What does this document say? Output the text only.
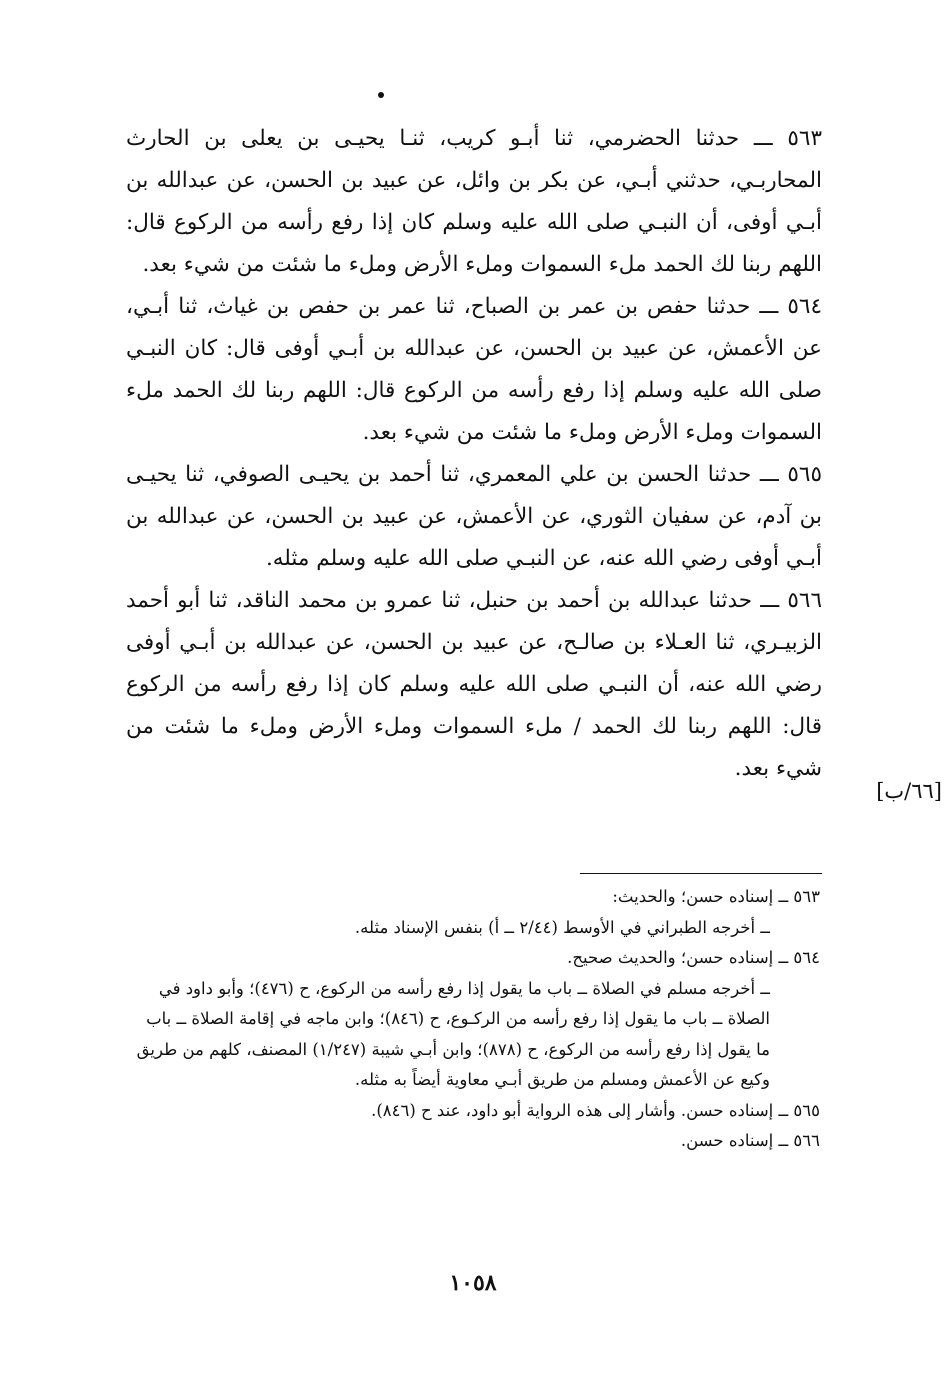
٥٦٣ ـــ حدثنا الحضرمي، ثنا أبـو كريب، ثنـا يحيـى بن يعلى بن الحارث المحاربـي، حدثني أبـي، عن بكر بن وائل، عن عبيد بن الحسن، عن عبدالله بن أبـي أوفى، أن النبـي صلى الله عليه وسلم كان إذا رفع رأسه من الركوع قال: اللهم ربنا لك الحمد ملء السموات وملء الأرض وملء ما شئت من شيء بعد.

٥٦٤ ـــ حدثنا حفص بن عمر بن الصباح، ثنا عمر بن حفص بن غياث، ثنا أبـي، عن الأعمش، عن عبيد بن الحسن، عن عبدالله بن أبـي أوفى قال: كان النبـي صلى الله عليه وسلم إذا رفع رأسه من الركوع قال: اللهم ربنا لك الحمد ملء السموات وملء الأرض وملء ما شئت من شيء بعد.

٥٦٥ ـــ حدثنا الحسن بن علي المعمري، ثنا أحمد بن يحيـى الصوفي، ثنا يحيـى بن آدم، عن سفيان الثوري، عن الأعمش، عن عبيد بن الحسن، عن عبدالله بن أبـي أوفى رضي الله عنه، عن النبـي صلى الله عليه وسلم مثله.

٥٦٦ ـــ حدثنا عبدالله بن أحمد بن حنبل، ثنا عمرو بن محمد الناقد، ثنا أبو أحمد الزبيـري، ثنا العـلاء بن صالـح، عن عبيد بن الحسن، عن عبدالله بن أبـي أوفى رضي الله عنه، أن النبـي صلى الله عليه وسلم كان إذا رفع رأسه من الركوع قال: اللهم ربنا لك الحمد / ملء السموات وملء الأرض وملء ما شئت من شيء بعد.

[٦٦/ب]

٥٦٣ ــ إسناده حسن؛ والحديث:

ــ أخرجه الطبراني في الأوسط (٢/٤٤ ــ أ) بنفس الإسناد مثله.

٥٦٤ ــ إسناده حسن؛ والحديث صحيح.

ــ أخرجه مسلم في الصلاة ــ باب ما يقول إذا رفع رأسه من الركوع، ح (٤٧٦)؛ وأبو داود في الصلاة ــ باب ما يقول إذا رفع رأسه من الركـوع، ح (٨٤٦)؛ وابن ماجه في إقامة الصلاة ــ باب ما يقول إذا رفع رأسه من الركوع، ح (٨٧٨)؛ وابن أبـي شيبة (١/٢٤٧) المصنف، كلهم من طريق وكيع عن الأعمش ومسلم من طريق أبـي معاوية أيضاً به مثله.

٥٦٥ ــ إسناده حسن. وأشار إلى هذه الرواية أبو داود، عند ح (٨٤٦).

٥٦٦ ــ إسناده حسن.

١٠٥٨
